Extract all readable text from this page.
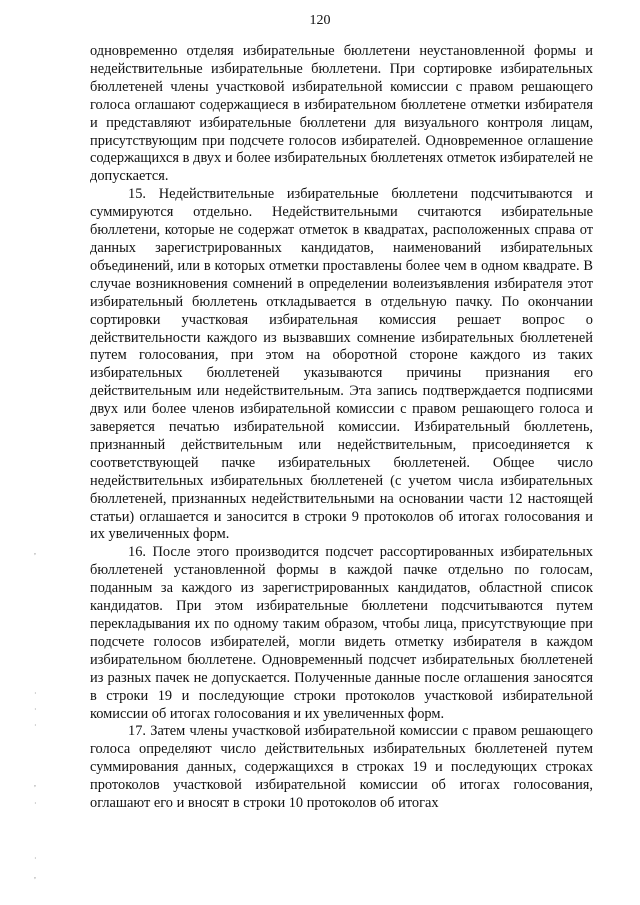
120
,
·
·
·
,
·
·
,

одновременно отделяя избирательные бюллетени неустановленной формы и недействительные избирательные бюллетени. При сортировке избирательных бюллетеней члены участковой избирательной комиссии с правом решающего голоса оглашают содержащиеся в избирательном бюллетене отметки избирателя и представляют избирательные бюллетени для визуального контроля лицам, присутствующим при подсчете голосов избирателей. Одновременное оглашение содержащихся в двух и более избирательных бюллетенях отметок избирателей не допускается.

15. Недействительные избирательные бюллетени подсчитываются и суммируются отдельно. Недействительными считаются избирательные бюллетени, которые не содержат отметок в квадратах, расположенных справа от данных зарегистрированных кандидатов, наименований избирательных объединений, или в которых отметки проставлены более чем в одном квадрате. В случае возникновения сомнений в определении волеизъявления избирателя этот избирательный бюллетень откладывается в отдельную пачку. По окончании сортировки участковая избирательная комиссия решает вопрос о действительности каждого из вызвавших сомнение избирательных бюллетеней путем голосования, при этом на оборотной стороне каждого из таких избирательных бюллетеней указываются причины признания его действительным или недействительным. Эта запись подтверждается подписями двух или более членов избирательной комиссии с правом решающего голоса и заверяется печатью избирательной комиссии. Избирательный бюллетень, признанный действительным или недействительным, присоединяется к соответствующей пачке избирательных бюллетеней. Общее число недействительных избирательных бюллетеней (с учетом числа избирательных бюллетеней, признанных недействительными на основании части 12 настоящей статьи) оглашается и заносится в строки 9 протоколов об итогах голосования и их увеличенных форм.

16. После этого производится подсчет рассортированных избирательных бюллетеней установленной формы в каждой пачке отдельно по голосам, поданным за каждого из зарегистрированных кандидатов, областной список кандидатов. При этом избирательные бюллетени подсчитываются путем перекладывания их по одному таким образом, чтобы лица, присутствующие при подсчете голосов избирателей, могли видеть отметку избирателя в каждом избирательном бюллетене. Одновременный подсчет избирательных бюллетеней из разных пачек не допускается. Полученные данные после оглашения заносятся в строки 19 и последующие строки протоколов участковой избирательной комиссии об итогах голосования и их увеличенных форм.

17. Затем члены участковой избирательной комиссии с правом решающего голоса определяют число действительных избирательных бюллетеней путем суммирования данных, содержащихся в строках 19 и последующих строках протоколов участковой избирательной комиссии об итогах голосования, оглашают его и вносят в строки 10 протоколов об итогах
